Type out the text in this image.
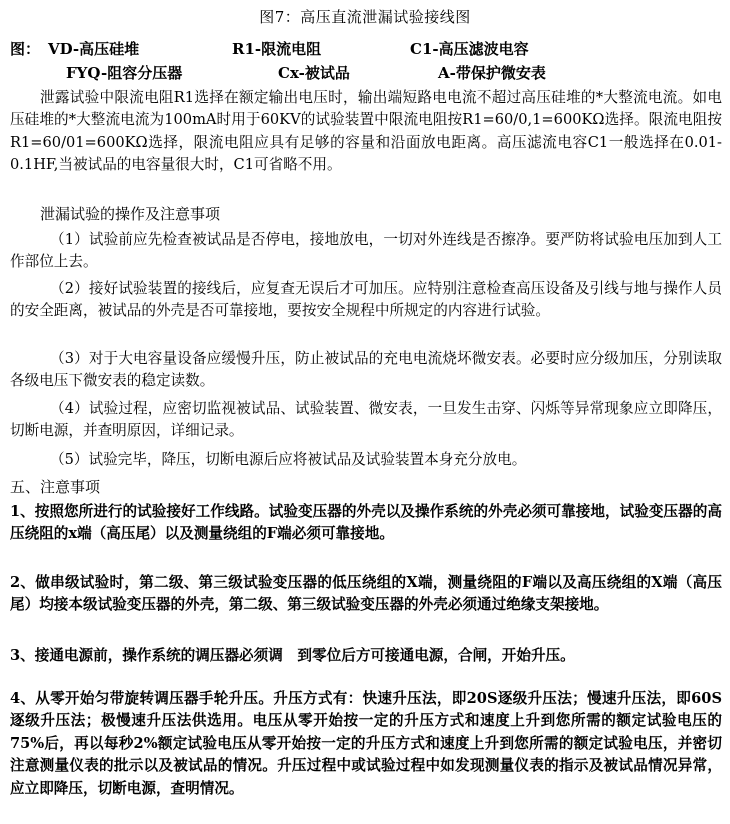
图7：高压直流泄漏试验接线图
图： VD-高压硅堆	R1-限流电阻	C1-高压滤波电容
FYQ-阻容分压器	Cx-被试品	A-带保护微安表

泄露试验中限流电阻R1选择在额定输出电压时，输出端短路电电流不超过高压硅堆的*大整流电流。如电压硅堆的*大整流电流为100mA时用于60KV的试验装置中限流电阻按R1=60/0,1=600KΩ选择。限流电阻按R1=60/01=600KΩ选择，限流电阻应具有足够的容量和沿面放电距离。高压滤流电容C1一般选择在0.01-0.1HF,当被试品的电容量很大时，C1可省略不用。

泄漏试验的操作及注意事项

（1）试验前应先检查被试品是否停电，接地放电，一切对外连线是否擦净。要严防将试验电压加到人工作部位上去。

（2）接好试验装置的接线后，应复查无误后才可加压。应特别注意检查高压设备及引线与地与操作人员的安全距离，被试品的外壳是否可靠接地，要按安全规程中所规定的内容进行试验。

（3）对于大电容量设备应缓慢升压，防止被试品的充电电流烧坏微安表。必要时应分级加压，分别读取各级电压下微安表的稳定读数。

（4）试验过程，应密切监视被试品、试验装置、微安表，一旦发生击穿、闪烁等异常现象应立即降压，切断电源，并查明原因，详细记录。

（5）试验完毕，降压，切断电源后应将被试品及试验装置本身充分放电。

五、注意事项

1、按照您所进行的试验接好工作线路。试验变压器的外壳以及操作系统的外壳必须可靠接地，试验变压器的高压绕阻的x端（高压尾）以及测量绕组的F端必须可靠接地。

2、做串级试验时，第二级、第三级试验变压器的低压绕组的X端，测量绕阻的F端以及高压绕组的X端（高压尾）均接本级试验变压器的外壳，第二级、第三级试验变压器的外壳必须通过绝缘支架接地。

3、接通电源前，操作系统的调压器必须调　到零位后方可接通电源，合闸，开始升压。

4、从零开始匀带旋转调压器手轮升压。升压方式有：快速升压法，即20S逐级升压法；慢速升压法，即60S逐级升压法；极慢速升压法供选用。电压从零开始按一定的升压方式和速度上升到您所需的额定试验电压的75%后，再以每秒2%额定试验电压从零开始按一定的升压方式和速度上升到您所需的额定试验电压，并密切注意测量仪表的批示以及被试品的情况。升压过程中或试验过程中如发现测量仪表的指示及被试品情况异常，应立即降压，切断电源，查明情况。
